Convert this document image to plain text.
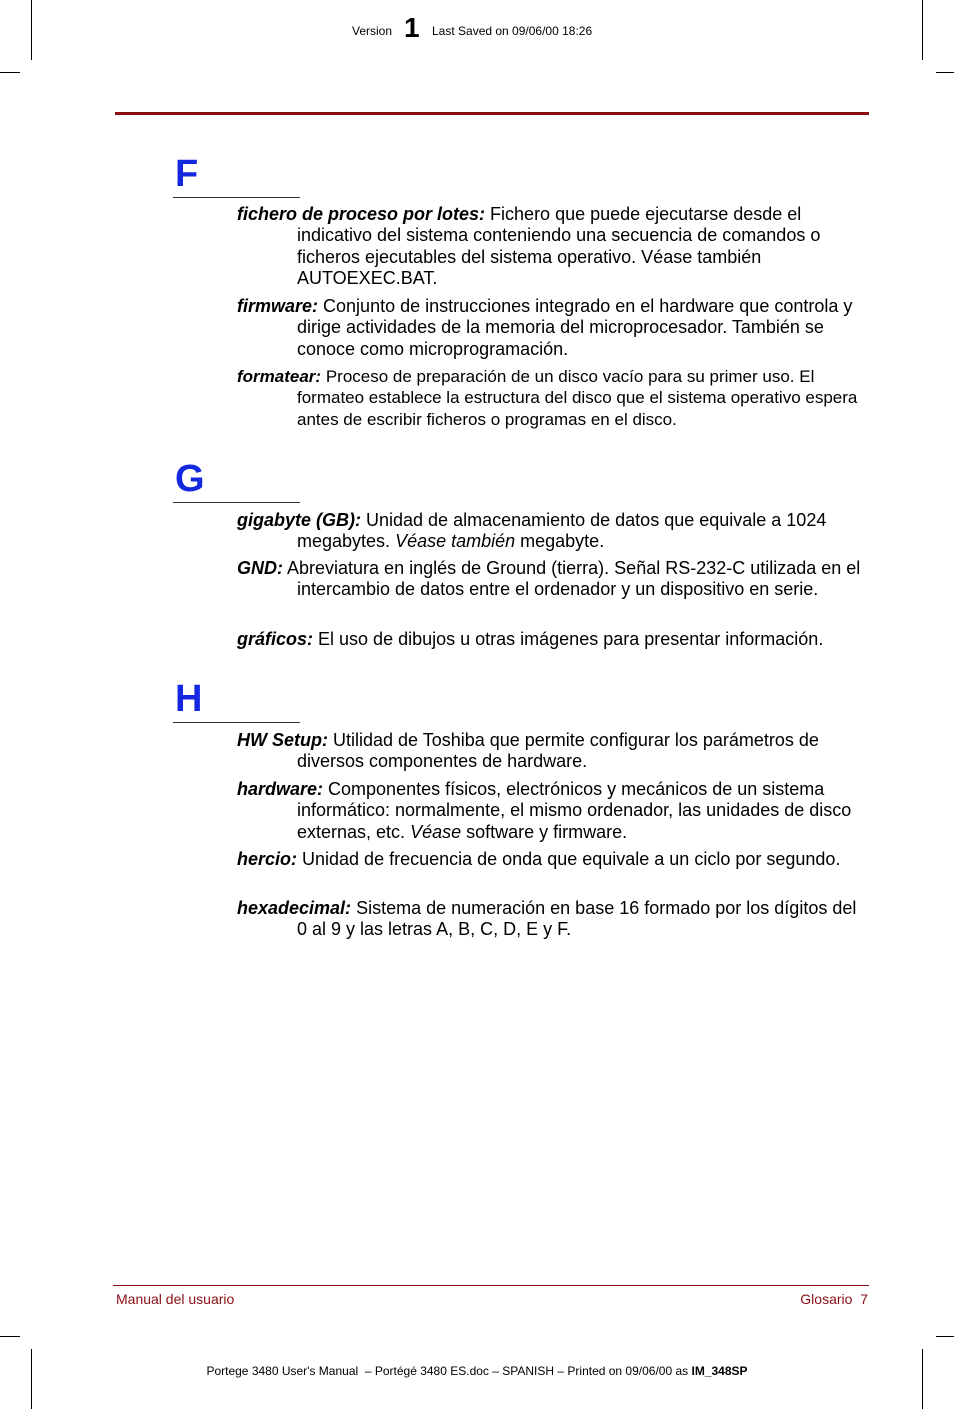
Version 1 Last Saved on 09/06/00 18:26
F
fichero de proceso por lotes: Fichero que puede ejecutarse desde el indicativo del sistema conteniendo una secuencia de comandos o ficheros ejecutables del sistema operativo. Véase también AUTOEXEC.BAT.
firmware: Conjunto de instrucciones integrado en el hardware que controla y dirige actividades de la memoria del microprocesador. También se conoce como microprogramación.
formatear: Proceso de preparación de un disco vacío para su primer uso. El formateo establece la estructura del disco que el sistema operativo espera antes de escribir ficheros o programas en el disco.
G
gigabyte (GB): Unidad de almacenamiento de datos que equivale a 1024 megabytes. Véase también megabyte.
GND: Abreviatura en inglés de Ground (tierra). Señal RS-232-C utilizada en el intercambio de datos entre el ordenador y un dispositivo en serie.
gráficos: El uso de dibujos u otras imágenes para presentar información.
H
HW Setup: Utilidad de Toshiba que permite configurar los parámetros de diversos componentes de hardware.
hardware: Componentes físicos, electrónicos y mecánicos de un sistema informático: normalmente, el mismo ordenador, las unidades de disco externas, etc. Véase software y firmware.
hercio: Unidad de frecuencia de onda que equivale a un ciclo por segundo.
hexadecimal: Sistema de numeración en base 16 formado por los dígitos del 0 al 9 y las letras A, B, C, D, E y F.
Manual del usuario	Glosario  7
Portege 3480 User's Manual  – Portégé 3480 ES.doc – SPANISH – Printed on 09/06/00 as IM_348SP
